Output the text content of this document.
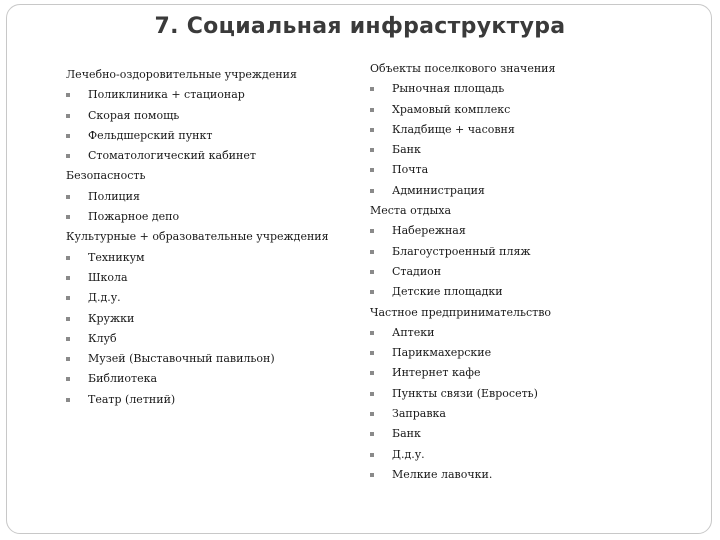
7. Социальная инфраструктура
Лечебно-оздоровительные учреждения
Поликлиника + стационар
Скорая помощь
Фельдшерский пункт
Стоматологический кабинет
Безопасность
Полиция
Пожарное депо
Культурные + образовательные учреждения
Техникум
Школа
Д.д.у.
Кружки
Клуб
Музей (Выставочный павильон)
Библиотека
Театр (летний)
Объекты поселкового значения
Рыночная площадь
Храмовый комплекс
Кладбище + часовня
Банк
Почта
Администрация
Места отдыха
Набережная
Благоустроенный пляж
Стадион
Детские площадки
Частное предпринимательство
Аптеки
Парикмахерские
Интернет кафе
Пункты связи (Евросеть)
Заправка
Банк
Д.д.у.
Мелкие лавочки.
